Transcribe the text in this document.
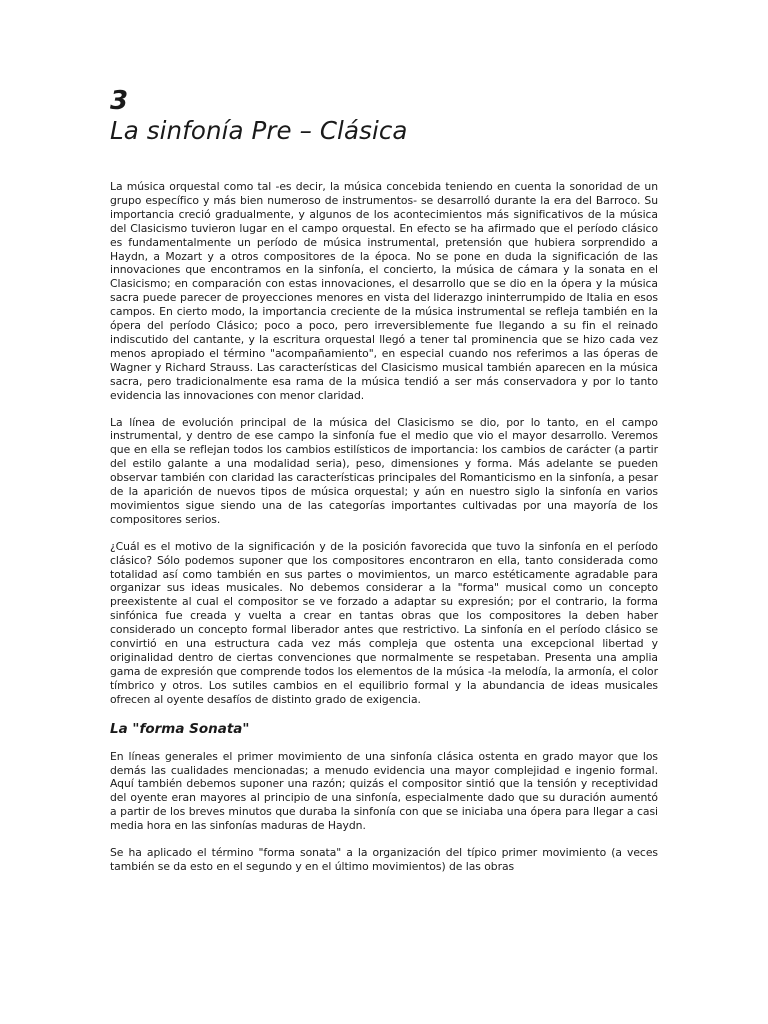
3
La sinfonía Pre – Clásica

La música orquestal como tal -es decir, la música concebida teniendo en cuenta la sonoridad de un grupo específico y más bien numeroso de instrumentos- se desarrolló durante la era del Barroco. Su importancia creció gradualmente, y algunos de los acontecimientos más significativos de la música del Clasicismo tuvieron lugar en el campo orquestal. En efecto se ha afirmado que el período clásico es fundamentalmente un período de música instrumental, pretensión que hubiera sorprendido a Haydn, a Mozart y a otros compositores de la época. No se pone en duda la significación de las innovaciones que encontramos en la sinfonía, el concierto, la música de cámara y la sonata en el Clasicismo; en comparación con estas innovaciones, el desarrollo que se dio en la ópera y la música sacra puede parecer de proyecciones menores en vista del liderazgo ininterrumpido de Italia en esos campos. En cierto modo, la importancia creciente de la música instrumental se refleja también en la ópera del período Clásico; poco a poco, pero irreversiblemente fue llegando a su fin el reinado indiscutido del cantante, y la escritura orquestal llegó a tener tal prominencia que se hizo cada vez menos apropiado el término "acompañamiento", en especial cuando nos referimos a las óperas de Wagner y Richard Strauss. Las características del Clasicismo musical también aparecen en la música sacra, pero tradicionalmente esa rama de la música tendió a ser más conservadora y por lo tanto evidencia las innovaciones con menor claridad.

La línea de evolución principal de la música del Clasicismo se dio, por lo tanto, en el campo instrumental, y dentro de ese campo la sinfonía fue el medio que vio el mayor desarrollo. Veremos que en ella se reflejan todos los cambios estilísticos de importancia: los cambios de carácter (a partir del estilo galante a una modalidad seria), peso, dimensiones y forma. Más adelante se pueden observar también con claridad las características principales del Romanticismo en la sinfonía, a pesar de la aparición de nuevos tipos de música orquestal; y aún en nuestro siglo la sinfonía en varios movimientos sigue siendo una de las categorías importantes cultivadas por una mayoría de los compositores serios.

¿Cuál es el motivo de la significación y de la posición favorecida que tuvo la sinfonía en el período clásico? Sólo podemos suponer que los compositores encontraron en ella, tanto considerada como totalidad así como también en sus partes o movimientos, un marco estéticamente agradable para organizar sus ideas musicales. No debemos considerar a la "forma" musical como un concepto preexistente al cual el compositor se ve forzado a adaptar su expresión; por el contrario, la forma sinfónica fue creada y vuelta a crear en tantas obras que los compositores la deben haber considerado un concepto formal liberador antes que restrictivo. La sinfonía en el período clásico se convirtió en una estructura cada vez más compleja que ostenta una excepcional libertad y originalidad dentro de ciertas convenciones que normalmente se respetaban. Presenta una amplia gama de expresión que comprende todos los elementos de la música -la melodía, la armonía, el color tímbrico y otros. Los sutiles cambios en el equilibrio formal y la abundancia de ideas musicales ofrecen al oyente desafíos de distinto grado de exigencia.

La "forma Sonata"

En líneas generales el primer movimiento de una sinfonía clásica ostenta en grado mayor que los demás las cualidades mencionadas; a menudo evidencia una mayor complejidad e ingenio formal. Aquí también debemos suponer una razón; quizás el compositor sintió que la tensión y receptividad del oyente eran mayores al principio de una sinfonía, especialmente dado que su duración aumentó a partir de los breves minutos que duraba la sinfonía con que se iniciaba una ópera para llegar a casi media hora en las sinfonías maduras de Haydn.

Se ha aplicado el término "forma sonata" a la organización del típico primer movimiento (a veces también se da esto en el segundo y en el último movimientos) de las obras
